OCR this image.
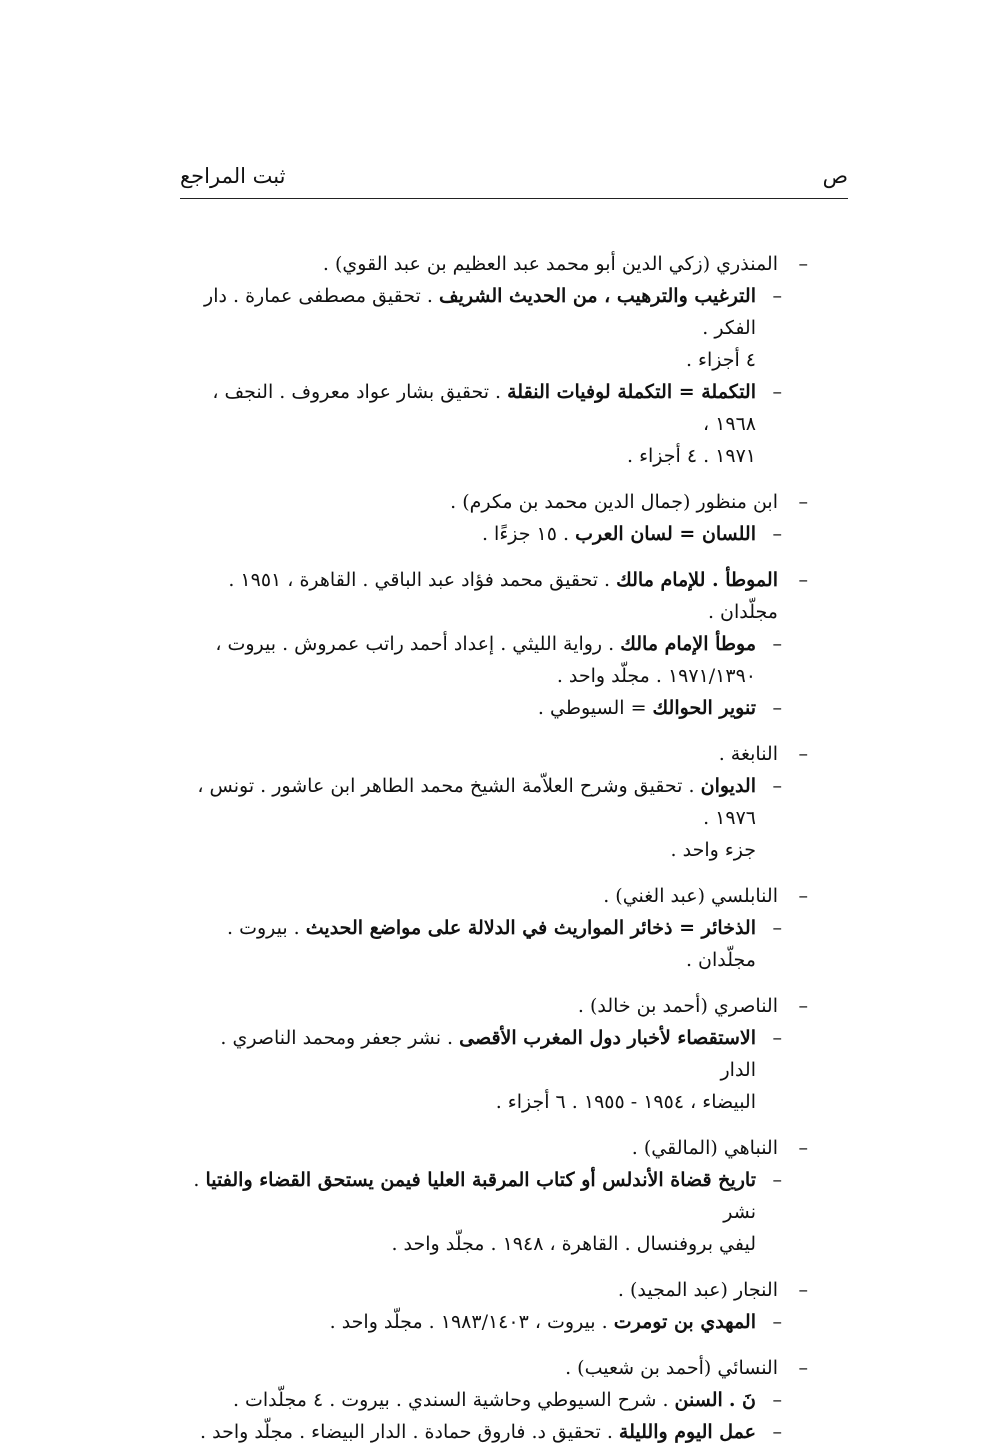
ص
ثبت المراجع
–
المنذري (زكي الدين أبو محمد عبد العظيم بن عبد القوي) .
–
الترغيب والترهيب ، من الحديث الشريف . تحقيق مصطفى عمارة . دار الفكر .
٤ أجزاء .
–
التكملة = التكملة لوفيات النقلة . تحقيق بشار عواد معروف . النجف ، ١٩٦٨ ،
١٩٧١ . ٤ أجزاء .
–
ابن منظور (جمال الدين محمد بن مكرم) .
–
اللسان = لسان العرب . ١٥ جزءًا .
–
الموطأ . للإمام مالك . تحقيق محمد فؤاد عبد الباقي . القاهرة ، ١٩٥١ . مجلّدان .
–
موطأ الإمام مالك . رواية الليثي . إعداد أحمد راتب عمروش . بيروت ،
١٩٧١/١٣٩٠ . مجلّد واحد .
–
تنوير الحوالك = السيوطي .
–
النابغة .
–
الديوان . تحقيق وشرح العلاّمة الشيخ محمد الطاهر ابن عاشور . تونس ، ١٩٧٦ .
جزء واحد .
–
النابلسي (عبد الغني) .
–
الذخائر = ذخائر المواريث في الدلالة على مواضع الحديث . بيروت . مجلّدان .
–
الناصري (أحمد بن خالد) .
–
الاستقصاء لأخبار دول المغرب الأقصى . نشر جعفر ومحمد الناصري . الدار
البيضاء ، ١٩٥٤ - ١٩٥٥ . ٦ أجزاء .
–
النباهي (المالقي) .
–
تاريخ قضاة الأندلس أو كتاب المرقبة العليا فيمن يستحق القضاء والفتيا . نشر
ليفي بروفنسال . القاهرة ، ١٩٤٨ . مجلّد واحد .
–
النجار (عبد المجيد) .
–
المهدي بن تومرت . بيروت ، ١٩٨٣/١٤٠٣ . مجلّد واحد .
–
النسائي (أحمد بن شعيب) .
–
نَ . السنن . شرح السيوطي وحاشية السندي . بيروت . ٤ مجلّدات .
–
عمل اليوم والليلة . تحقيق د. فاروق حمادة . الدار البيضاء . مجلّد واحد .
